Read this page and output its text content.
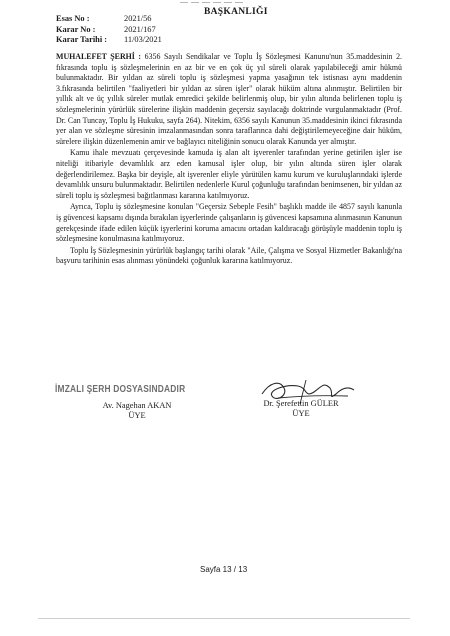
— — — — — —
BAŞKANLIĞI
Esas No :	2021/56
Karar No :	2021/167
Karar Tarihi :	11/03/2021

MUHALEFET ŞERHİ : 6356 Sayılı Sendikalar ve Toplu İş Sözleşmesi Kanunu'nun 35.maddesinin 2. fıkrasında toplu iş sözleşmelerinin en az bir ve en çok üç yıl süreli olarak yapılabileceği amir hükmü bulunmaktadır. Bir yıldan az süreli toplu iş sözleşmesi yapma yasağının tek istisnası aynı maddenin 3.fıkrasında belirtilen "faaliyetleri bir yıldan az süren işler" olarak hüküm altına alınmıştır. Belirtilen bir yıllık alt ve üç yıllık süreler mutlak emredici şekilde belirlenmiş olup, bir yılın altında belirlenen toplu iş sözleşmelerinin yürürlük sürelerine ilişkin maddenin geçersiz sayılacağı doktrinde vurgulanmaktadır (Prof. Dr. Can Tuncay, Toplu İş Hukuku, sayfa 264). Nitekim, 6356 sayılı Kanunun 35.maddesinin ikinci fıkrasında yer alan ve sözleşme süresinin imzalanmasından sonra taraflarınca dahi değiştirilemeyeceğine dair hüküm, sürelere ilişkin düzenlemenin amir ve bağlayıcı niteliğinin sonucu olarak Kanunda yer almıştır.

Kamu ihale mevzuatı çerçevesinde kamuda iş alan alt işverenler tarafından yerine getirilen işler ise niteliği itibariyle devamlılık arz eden kamusal işler olup, bir yılın altında süren işler olarak değerlendirilemez. Başka bir deyişle, alt işverenler eliyle yürütülen kamu kurum ve kuruluşlarındaki işlerde devamlılık unsuru bulunmaktadır. Belirtilen nedenlerle Kurul çoğunluğu tarafından benimsenen, bir yıldan az süreli toplu iş sözleşmesi bağıtlanması kararına katılmıyoruz.

Ayrıca, Toplu iş sözleşmesine konulan "Geçersiz Sebeple Fesih" başlıklı madde ile 4857 sayılı kanunla iş güvencesi kapsamı dışında bırakılan işyerlerinde çalışanların iş güvencesi kapsamına alınmasının Kanunun gerekçesinde ifade edilen küçük işyerlerini koruma amacını ortadan kaldıracağı görüşüyle maddenin toplu iş sözleşmesine konulmasına katılmıyoruz.

Toplu İş Sözleşmesinin yürürlük başlangıç tarihi olarak "Aile, Çalışma ve Sosyal Hizmetler Bakanlığı'na başvuru tarihinin esas alınması yönündeki çoğunluk kararına katılmıyoruz.

İMZALI ŞERH DOSYASINDADIR
Av. Nagehan AKAN
ÜYE
Dr. Şerefettin GÜLER
ÜYE
Sayfa 13 / 13
